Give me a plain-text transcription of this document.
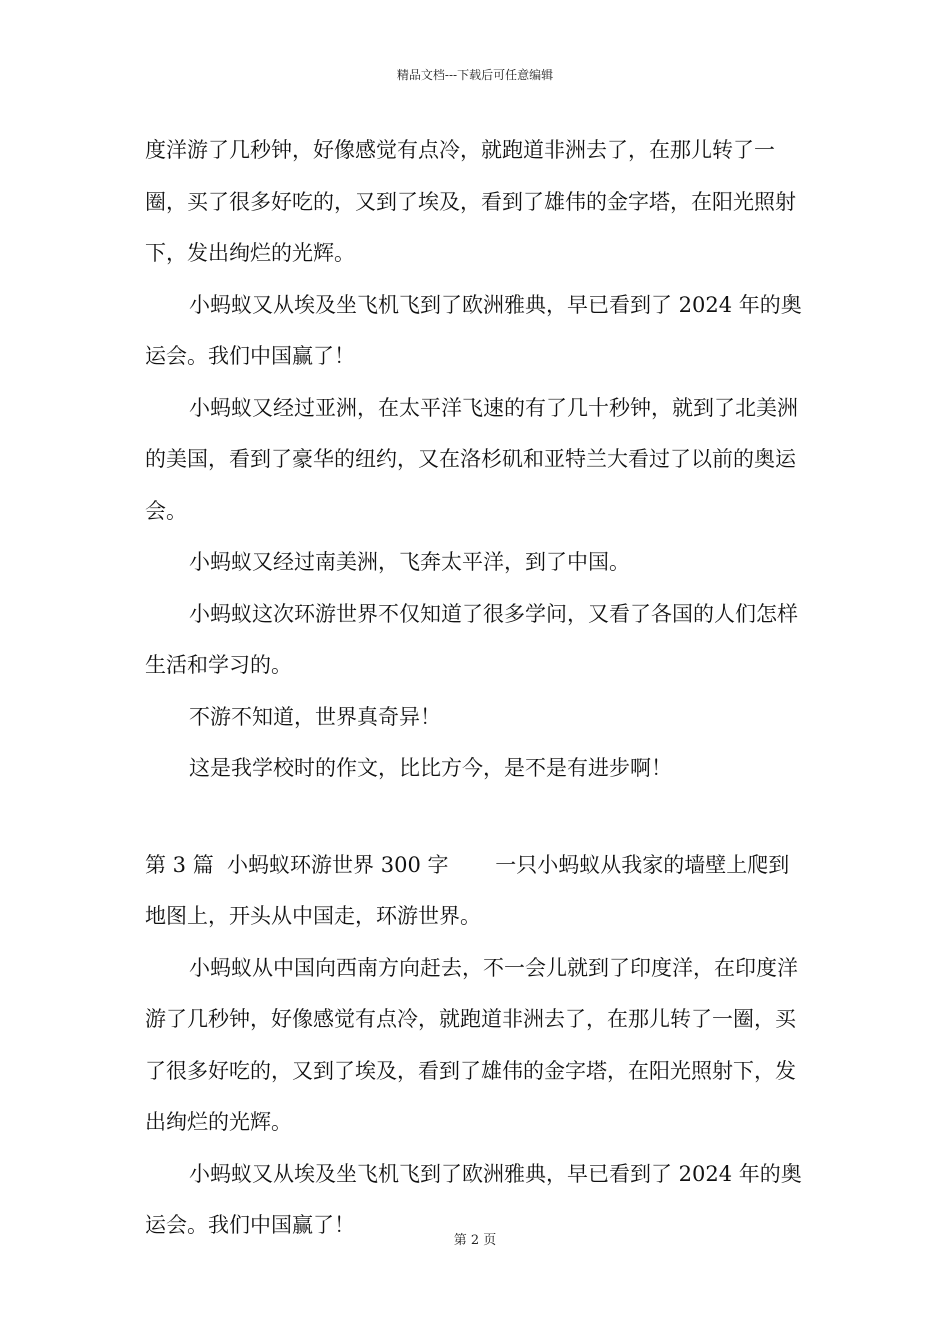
精品文档---下载后可任意编辑

度洋游了几秒钟，好像感觉有点冷，就跑道非洲去了，在那儿转了一圈，买了很多好吃的，又到了埃及，看到了雄伟的金字塔，在阳光照射下，发出绚烂的光辉。

小蚂蚁又从埃及坐飞机飞到了欧洲雅典，早已看到了 2024 年的奥运会。我们中国赢了！

小蚂蚁又经过亚洲，在太平洋飞速的有了几十秒钟，就到了北美洲的美国，看到了豪华的纽约，又在洛杉矶和亚特兰大看过了以前的奥运会。

小蚂蚁又经过南美洲，飞奔太平洋，到了中国。

小蚂蚁这次环游世界不仅知道了很多学问，又看了各国的人们怎样生活和学习的。

不游不知道，世界真奇异！

这是我学校时的作文，比比方今，是不是有进步啊！

第 3 篇  小蚂蚁环游世界 300 字       一只小蚂蚁从我家的墙壁上爬到地图上，开头从中国走，环游世界。

小蚂蚁从中国向西南方向赶去，不一会儿就到了印度洋，在印度洋游了几秒钟，好像感觉有点冷，就跑道非洲去了，在那儿转了一圈，买了很多好吃的，又到了埃及，看到了雄伟的金字塔，在阳光照射下，发出绚烂的光辉。

小蚂蚁又从埃及坐飞机飞到了欧洲雅典，早已看到了 2024 年的奥运会。我们中国赢了！

第 2 页
